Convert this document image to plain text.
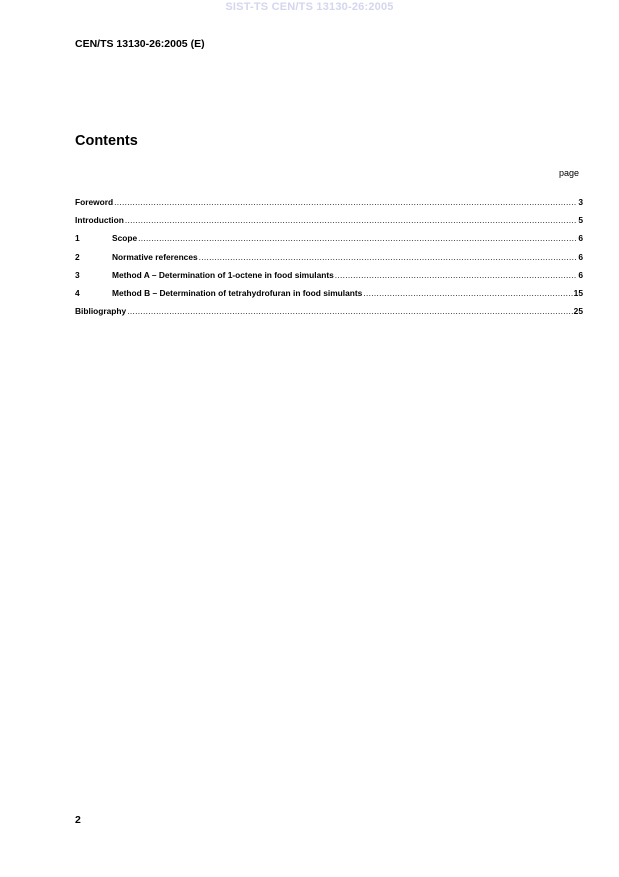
SIST-TS CEN/TS 13130-26:2005
CEN/TS 13130-26:2005 (E)
Contents
page
Foreword .....	3
Introduction .....	5
1	Scope .....	6
2	Normative references .....	6
3	Method A – Determination of 1-octene in food simulants .....	6
4	Method B – Determination of tetrahydrofuran in food simulants .....	15
Bibliography .....	25
2
